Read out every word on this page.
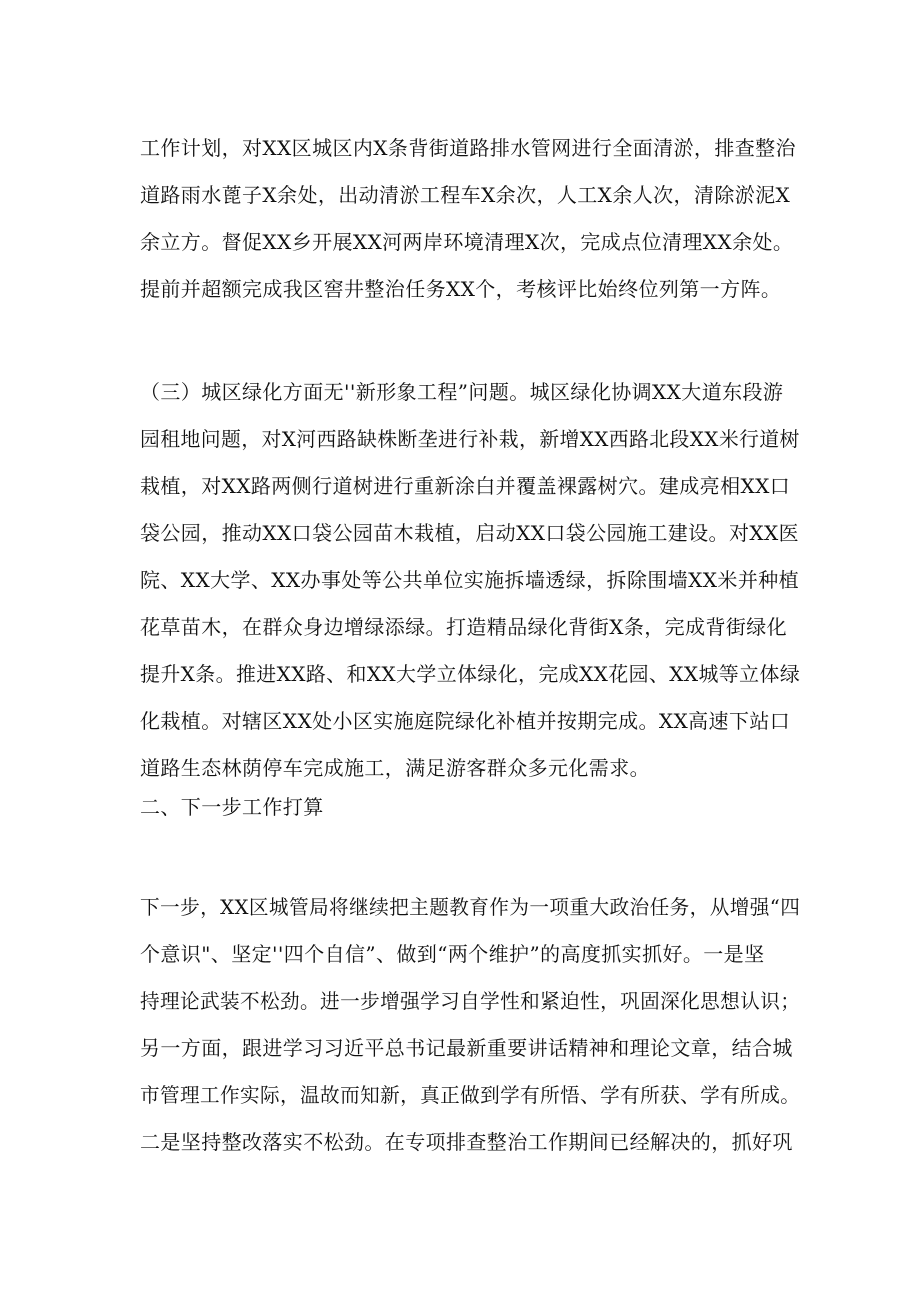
工作计划，对XX区城区内X条背街道路排水管网进行全面清淤，排查整治
道路雨水蓖子X余处，出动清淤工程车X余次，人工X余人次，清除淤泥X
余立方。督促XX乡开展XX河两岸环境清理X次，完成点位清理XX余处。
提前并超额完成我区窖井整治任务XX个，考核评比始终位列第一方阵。
（三）城区绿化方面无''新形象工程”问题。城区绿化协调XX大道东段游
园租地问题，对X河西路缺株断垄进行补栽，新增XX西路北段XX米行道树
栽植，对XX路两侧行道树进行重新涂白并覆盖裸露树穴。建成亮相XX口
袋公园，推动XX口袋公园苗木栽植，启动XX口袋公园施工建设。对XX医
院、XX大学、XX办事处等公共单位实施拆墙透绿，拆除围墙XX米并种植
花草苗木，在群众身边增绿添绿。打造精品绿化背街X条，完成背街绿化
提升X条。推进XX路、和XX大学立体绿化，完成XX花园、XX城等立体绿
化栽植。对辖区XX处小区实施庭院绿化补植并按期完成。XX高速下站口
道路生态林荫停车完成施工，满足游客群众多元化需求。
二、下一步工作打算
下一步，XX区城管局将继续把主题教育作为一项重大政治任务，从增强“四
个意识"、坚定''四个自信”、做到“两个维护”的高度抓实抓好。一是坚
持理论武装不松劲。进一步增强学习自学性和紧迫性，巩固深化思想认识；
另一方面，跟进学习习近平总书记最新重要讲话精神和理论文章，结合城
市管理工作实际，温故而知新，真正做到学有所悟、学有所获、学有所成。
二是坚持整改落实不松劲。在专项排查整治工作期间已经解决的，抓好巩
